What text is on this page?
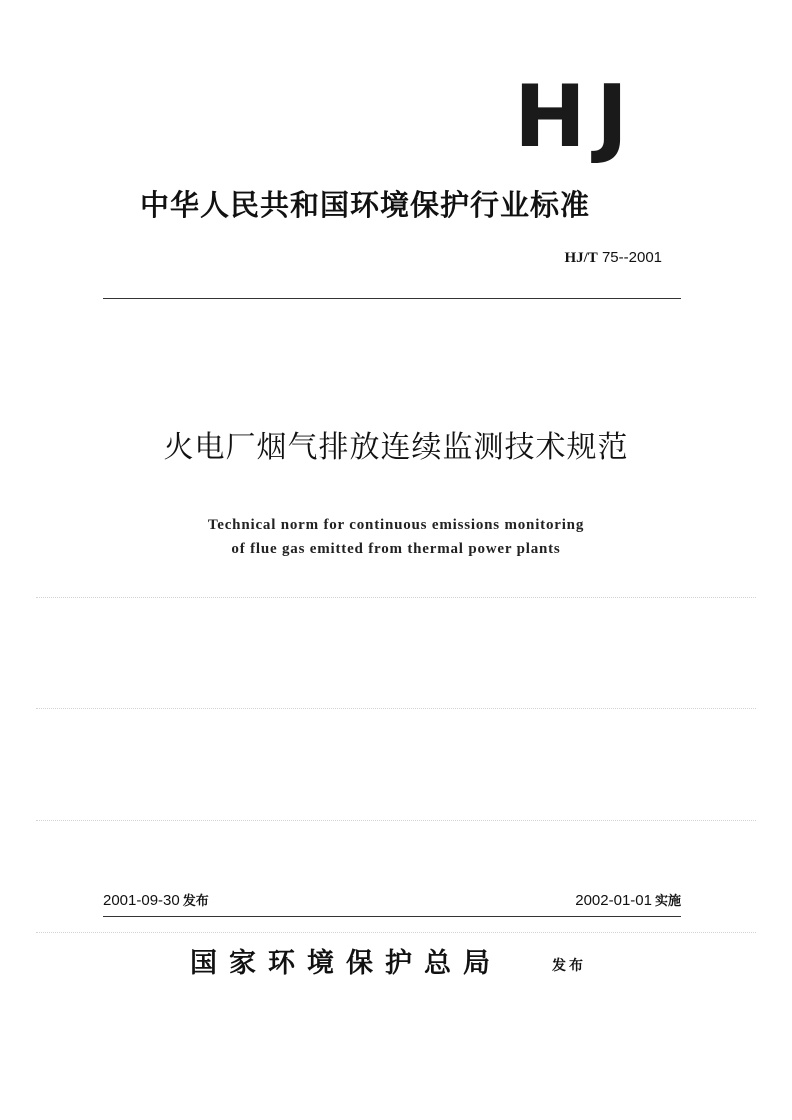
HJ
中华人民共和国环境保护行业标准
HJ/T 75--2001
火电厂烟气排放连续监测技术规范
Technical norm for continuous emissions monitoring
of flue gas emitted from thermal power plants
2001-09-30 发布	2002-01-01 实施
国家环境保护总局	发布
